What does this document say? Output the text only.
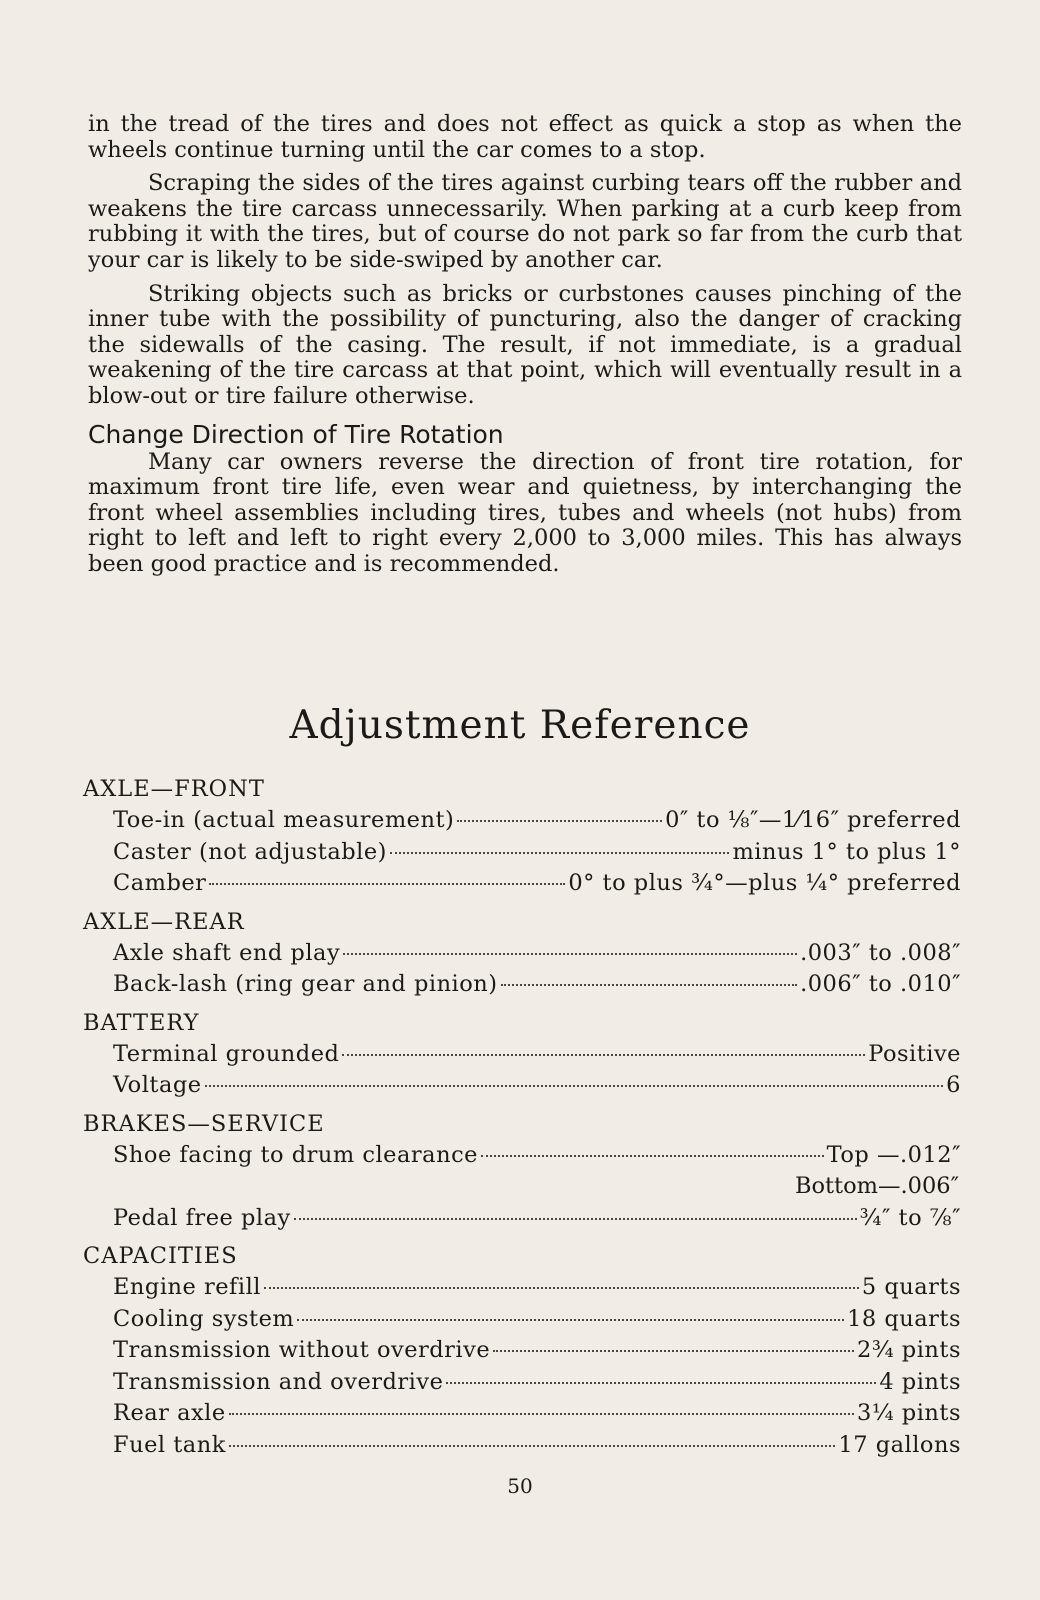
in the tread of the tires and does not effect as quick a stop as when the wheels continue turning until the car comes to a stop.

Scraping the sides of the tires against curbing tears off the rubber and weakens the tire carcass unnecessarily. When parking at a curb keep from rubbing it with the tires, but of course do not park so far from the curb that your car is likely to be side-swiped by another car.

Striking objects such as bricks or curbstones causes pinching of the inner tube with the possibility of puncturing, also the danger of cracking the sidewalls of the casing. The result, if not immediate, is a gradual weakening of the tire carcass at that point, which will eventually result in a blow-out or tire failure otherwise.

Change Direction of Tire Rotation

Many car owners reverse the direction of front tire rotation, for maximum front tire life, even wear and quietness, by interchanging the front wheel assemblies including tires, tubes and wheels (not hubs) from right to left and left to right every 2,000 to 3,000 miles. This has always been good practice and is recommended.

Adjustment Reference
AXLE—FRONT
Toe-in (actual measurement)	0″ to ⅛″—1⁄16″ preferred
Caster (not adjustable)	minus 1° to plus 1°
Camber	0° to plus ¾°—plus ¼° preferred
AXLE—REAR
Axle shaft end play	.003″ to .008″
Back-lash (ring gear and pinion)	.006″ to .010″
BATTERY
Terminal grounded	Positive
Voltage	6
BRAKES—SERVICE
Shoe facing to drum clearance	Top —.012″
Bottom—.006″
Pedal free play	¾″ to ⅞″
CAPACITIES
Engine refill	5 quarts
Cooling system	18 quarts
Transmission without overdrive	2¾ pints
Transmission and overdrive	4 pints
Rear axle	3¼ pints
Fuel tank	17 gallons
50
